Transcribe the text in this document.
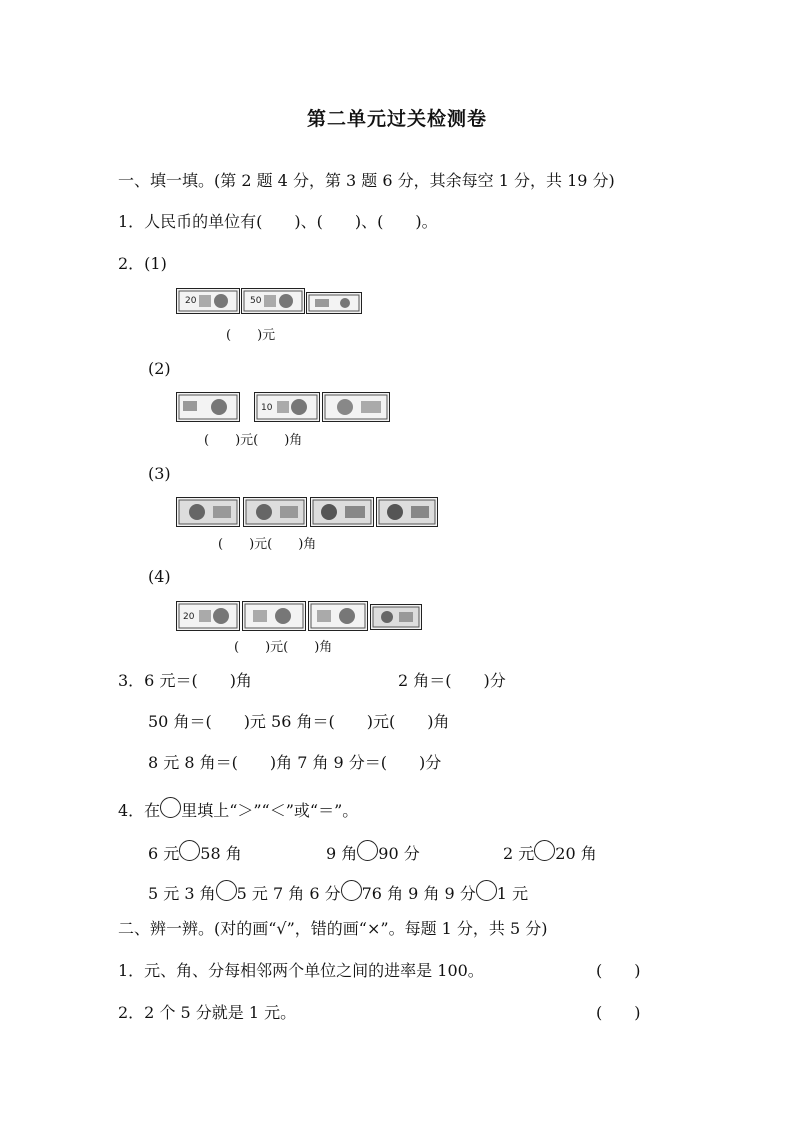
第二单元过关检测卷
一、填一填。(第 2 题 4 分，第 3 题 6 分，其余每空 1 分，共 19 分)
1．人民币的单位有(　　)、(　　)、(　　)。
2．(1)
20	50
(　　)元
(2)
10
(　　)元(　　)角
(3)
(　　)元(　　)角
(4)
20
(　　)元(　　)角
3．6 元＝(　　)角	2 角＝(　　)分
50 角＝(　　)元 56 角＝(　　)元(　　)角
8 元 8 角＝(　　)角 7 角 9 分＝(　　)分
4．在 里填上“＞”“＜”或“＝”。
6 元 58 角	9 角 90 分	2 元 20 角
5 元 3 角 5 元 7 角 6 分 76 角 9 角 9 分 1 元
二、辨一辨。(对的画“√”，错的画“×”。每题 1 分，共 5 分)
1．元、角、分每相邻两个单位之间的进率是 100。	(　　)
2．2 个 5 分就是 1 元。	(　　)
